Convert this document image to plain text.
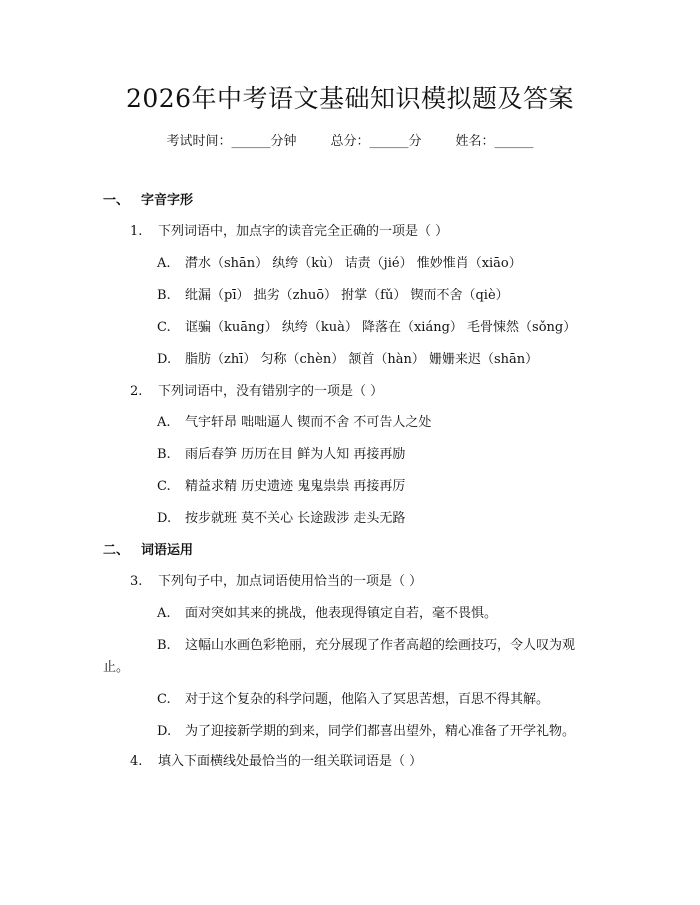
2026年中考语文基础知识模拟题及答案
考试时间：______分钟	总分：______分	姓名：______
一、 字音字形
1. 下列词语中，加点字的读音完全正确的一项是（ ）
A. 潸水（shān） 纨绔（kù） 诘责（jié） 惟妙惟肖（xiāo）
B. 纰漏（pī） 拙劣（zhuō） 拊掌（fǔ） 锲而不舍（qiè）
C. 诓骗（kuāng） 纨绔（kuà） 降落在（xiáng） 毛骨悚然（sǒng）
D. 脂肪（zhī） 匀称（chèn） 颔首（hàn） 姗姗来迟（shān）
2. 下列词语中，没有错别字的一项是（ ）
A. 气宇轩昂 咄咄逼人 锲而不舍 不可告人之处
B. 雨后春笋 历历在目 鲜为人知 再接再励
C. 精益求精 历史遗迹 鬼鬼祟祟 再接再厉
D. 按步就班 莫不关心 长途跋涉 走头无路
二、 词语运用
3. 下列句子中，加点词语使用恰当的一项是（ ）
A. 面对突如其来的挑战，他表现得镇定自若，毫不畏惧。
B. 这幅山水画色彩艳丽，充分展现了作者高超的绘画技巧，令人叹为观
止。
C. 对于这个复杂的科学问题，他陷入了冥思苦想，百思不得其解。
D. 为了迎接新学期的到来，同学们都喜出望外，精心准备了开学礼物。
4. 填入下面横线处最恰当的一组关联词语是（ ）
